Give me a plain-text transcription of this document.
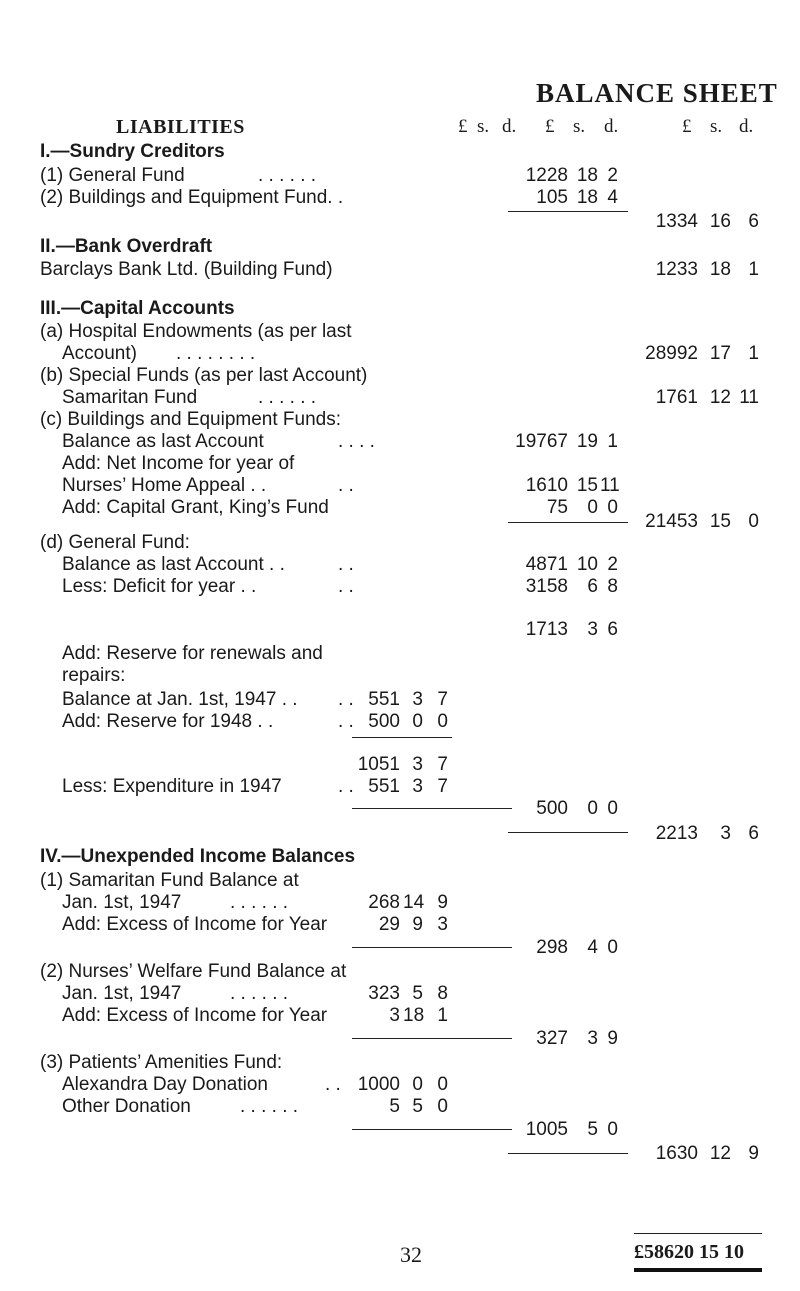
BALANCE SHEET
LIABILITIES	£ s. d. £ s. d.	£ s. d.
I.—Sundry Creditors
(1) General Fund	. . . . . .	1228 18 2
(2) Buildings and Equipment Fund. .	105 18 4
1334 16 6
II.—Bank Overdraft
Barclays Bank Ltd. (Building Fund)	1233 18 1
III.—Capital Accounts
(a) Hospital Endowments (as per last
Account) . . . . . . . .	28992 17 1
(b) Special Funds (as per last Account)
Samaritan Fund	. . . . . .	1761 12 11
(c) Buildings and Equipment Funds:
Balance as last Account	. . . .	19767 19 1
Add: Net Income for year of
Nurses’ Home Appeal . .	. .	1610 15 11
Add: Capital Grant, King’s Fund	75	0 0
21453 15 0
(d) General Fund:
Balance as last Account . .	. .	4871 10 2
Less: Deficit for year . .	. .	3158	6 8
1713	3 6
Add: Reserve for renewals and
repairs:
Balance at Jan. 1st, 1947 . . . . 551 3 7
Add: Reserve for 1948 . .	. . 500 0 0
1051 3 7
Less: Expenditure in 1947	. . 551 3 7
500	0 0
2213	3 6
IV.—Unexpended Income Balances
(1) Samaritan Fund Balance at
Jan. 1st, 1947	. . . . . .	268 14 9
Add: Excess of Income for Year	29 9 3
298	4 0
(2) Nurses’ Welfare Fund Balance at
Jan. 1st, 1947	. . . . . .	323 5 8
Add: Excess of Income for Year	3 18 1
327	3 9
(3) Patients’ Amenities Fund:
Alexandra Day Donation	. . 1000 0 0
Other Donation	. . . . . .	5 5 0
1005	5 0
1630 12 9
£58620 15 10
32
